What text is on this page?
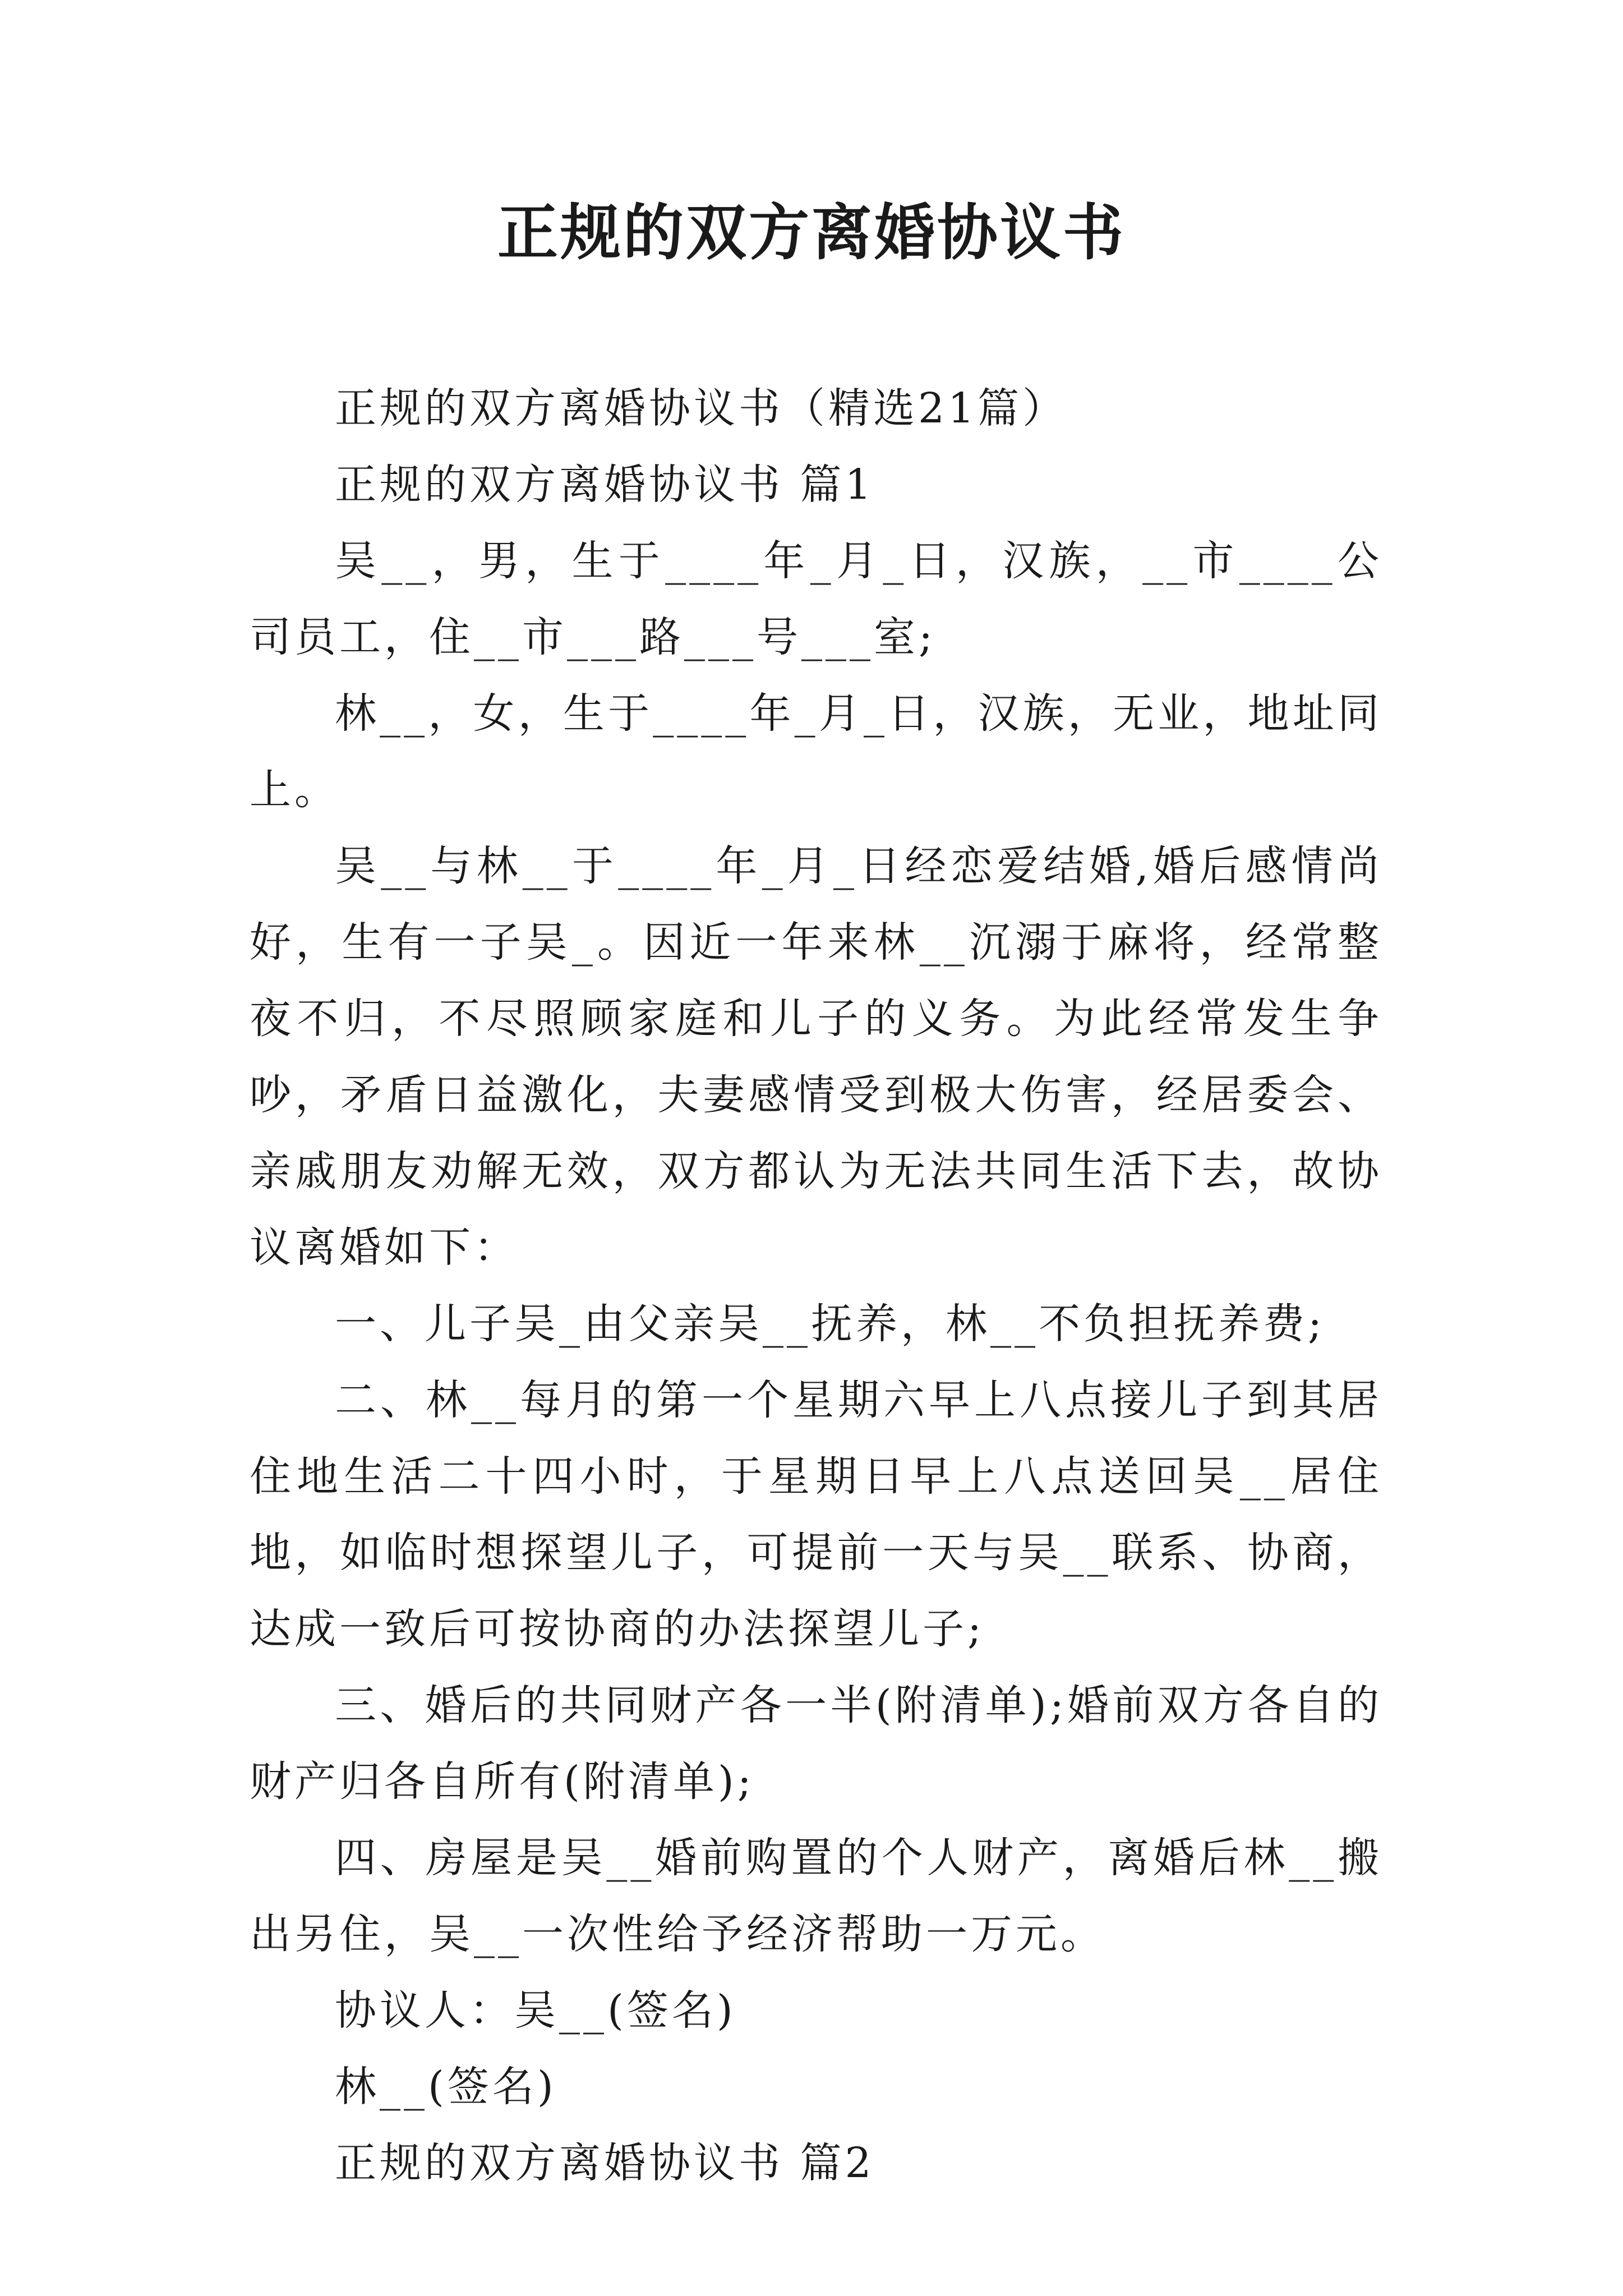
正规的双方离婚协议书

正规的双方离婚协议书（精选21篇）

正规的双方离婚协议书 篇1

吴__，男，生于____年_月_日，汉族，__市____公司员工，住__市___路___号___室;

林__，女，生于____年_月_日，汉族，无业，地址同上。

吴__与林__于____年_月_日经恋爱结婚,婚后感情尚好，生有一子吴_。因近一年来林__沉溺于麻将，经常整夜不归，不尽照顾家庭和儿子的义务。为此经常发生争吵，矛盾日益激化，夫妻感情受到极大伤害，经居委会、亲戚朋友劝解无效，双方都认为无法共同生活下去，故协议离婚如下：

一、儿子吴_由父亲吴__抚养，林__不负担抚养费;

二、林__每月的第一个星期六早上八点接儿子到其居住地生活二十四小时，于星期日早上八点送回吴__居住地，如临时想探望儿子，可提前一天与吴__联系、协商，达成一致后可按协商的办法探望儿子;

三、婚后的共同财产各一半(附清单);婚前双方各自的财产归各自所有(附清单);

四、房屋是吴__婚前购置的个人财产，离婚后林__搬出另住，吴__一次性给予经济帮助一万元。

协议人：吴__(签名)

林__(签名)

正规的双方离婚协议书 篇2
